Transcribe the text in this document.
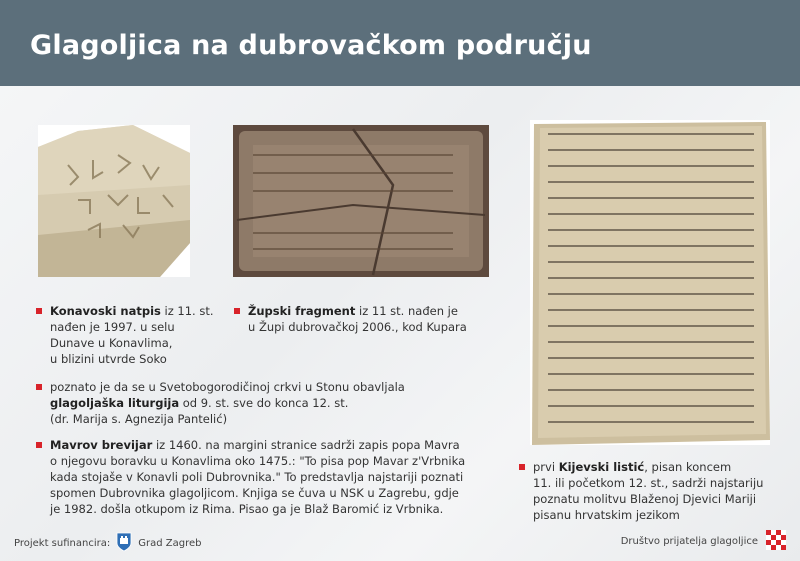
Glagoljica na dubrovačkom području
Konavoski natpis iz 11. st.
nađen je 1997. u selu
Dunave u Konavlima,
u blizini utvrde Soko
Župski fragment iz 11 st. nađen je
u Župi dubrovačkoj 2006., kod Kupara
poznato je da se u Svetobogorodičinoj crkvi u Stonu obavljala
glagoljaška liturgija od 9. st. sve do konca 12. st.
(dr. Marija s. Agnezija Pantelić)
Mavrov brevijar iz 1460. na margini stranice sadrži zapis popa Mavra
o njegovu boravku u Konavlima oko 1475.: "To pisa pop Mavar z'Vrbnika
kada stojaše v Konavli poli Dubrovnika." To predstavlja najstariji poznati
spomen Dubrovnika glagoljicom. Knjiga se čuva u NSK u Zagrebu, gdje
je 1982. došla otkupom iz Rima. Pisao ga je Blaž Baromić iz Vrbnika.
prvi Kijevski listić, pisan koncem
11. ili početkom 12. st., sadrži najstariju
poznatu molitvu Blaženoj Djevici Mariji
pisanu hrvatskim jezikom
Projekt sufinancira:	Grad Zagreb	Društvo prijatelja glagoljice
